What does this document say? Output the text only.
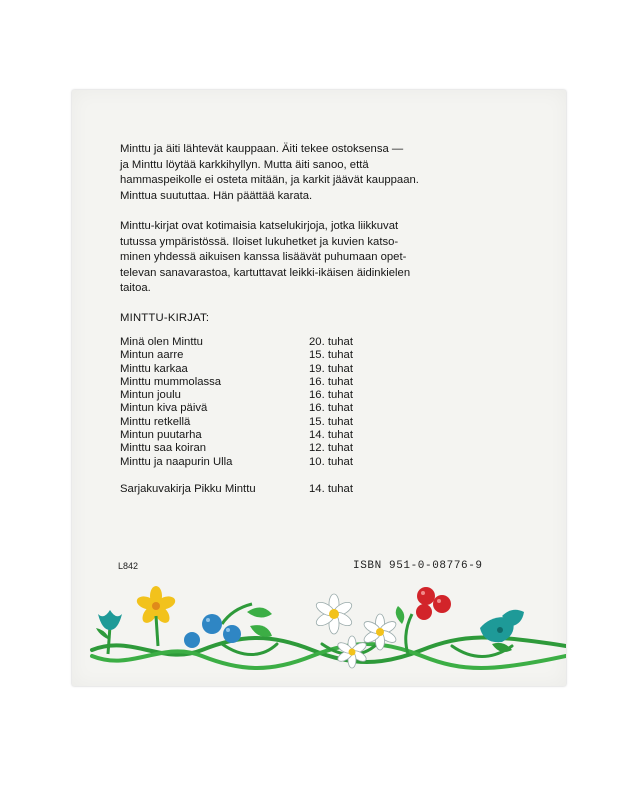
Minttu ja äiti lähtevät kauppaan. Äiti tekee ostoksensa —
ja Minttu löytää karkkihyllyn. Mutta äiti sanoo, että
hammaspeikolle ei osteta mitään, ja karkit jäävät kauppaan.
Minttua suututtaa. Hän päättää karata.
Minttu-kirjat ovat kotimaisia katselukirjoja, jotka liikkuvat
tutussa ympäristössä. Iloiset lukuhetket ja kuvien katso-
minen yhdessä aikuisen kanssa lisäävät puhumaan opet-
televan sanavarastoa, kartuttavat leikki-ikäisen äidinkielen
taitoa.
MINTTU-KIRJAT:
Minä olen Minttu	20. tuhat
Mintun aarre	15. tuhat
Minttu karkaa	19. tuhat
Minttu mummolassa	16. tuhat
Mintun joulu	16. tuhat
Mintun kiva päivä	16. tuhat
Minttu retkellä	15. tuhat
Mintun puutarha	14. tuhat
Minttu saa koiran	12. tuhat
Minttu ja naapurin Ulla	10. tuhat
Sarjakuvakirja Pikku Minttu	14. tuhat
L842	ISBN 951-0-08776-9
